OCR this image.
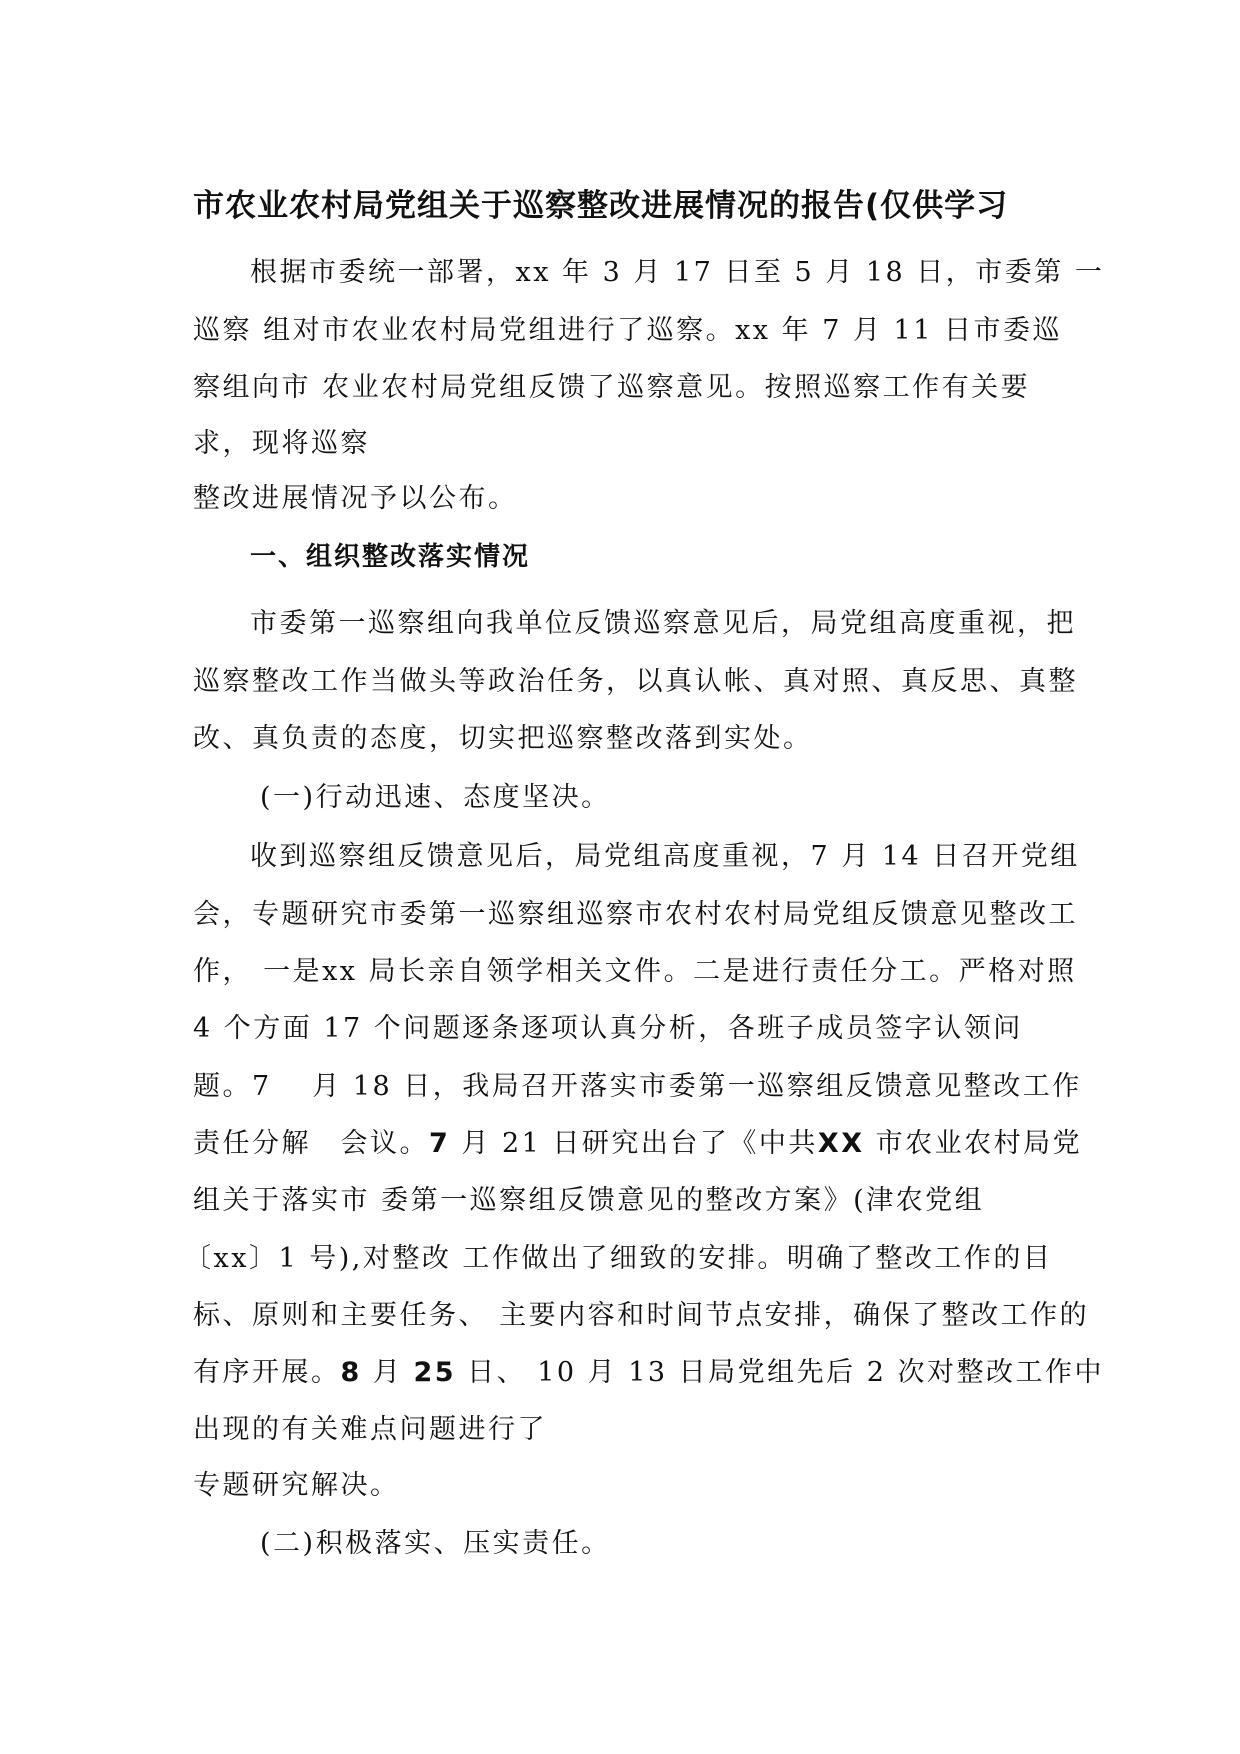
市农业农村局党组关于巡察整改进展情况的报告(仅供学习
根据市委统一部署，xx 年 3 月 17 日至 5 月 18 日，市委第 一
巡察 组对市农业农村局党组进行了巡察。xx 年 7 月 11 日市委巡
察组向市 农业农村局党组反馈了巡察意见。按照巡察工作有关要
求，现将巡察
整改进展情况予以公布。
一、组织整改落实情况
市委第一巡察组向我单位反馈巡察意见后，局党组高度重视，把
巡察整改工作当做头等政治任务，以真认帐、真对照、真反思、真整
改、真负责的态度，切实把巡察整改落到实处。
(一)行动迅速、态度坚决。
收到巡察组反馈意见后，局党组高度重视，7 月 14 日召开党组
会，专题研究市委第一巡察组巡察市农村农村局党组反馈意见整改工
作， 一是xx 局长亲自领学相关文件。二是进行责任分工。严格对照
4 个方面 17 个问题逐条逐项认真分析，各班子成员签字认领问
题。7　 月 18 日，我局召开落实市委第一巡察组反馈意见整改工作
责任分解　会议。7 月 21 日研究出台了《中共XX 市农业农村局党
组关于落实市 委第一巡察组反馈意见的整改方案》(津农党组
〔xx〕1 号),对整改 工作做出了细致的安排。明确了整改工作的目
标、原则和主要任务、 主要内容和时间节点安排，确保了整改工作的
有序开展。8 月 25 日、 10 月 13 日局党组先后 2 次对整改工作中
出现的有关难点问题进行了
专题研究解决。
(二)积极落实、压实责任。
